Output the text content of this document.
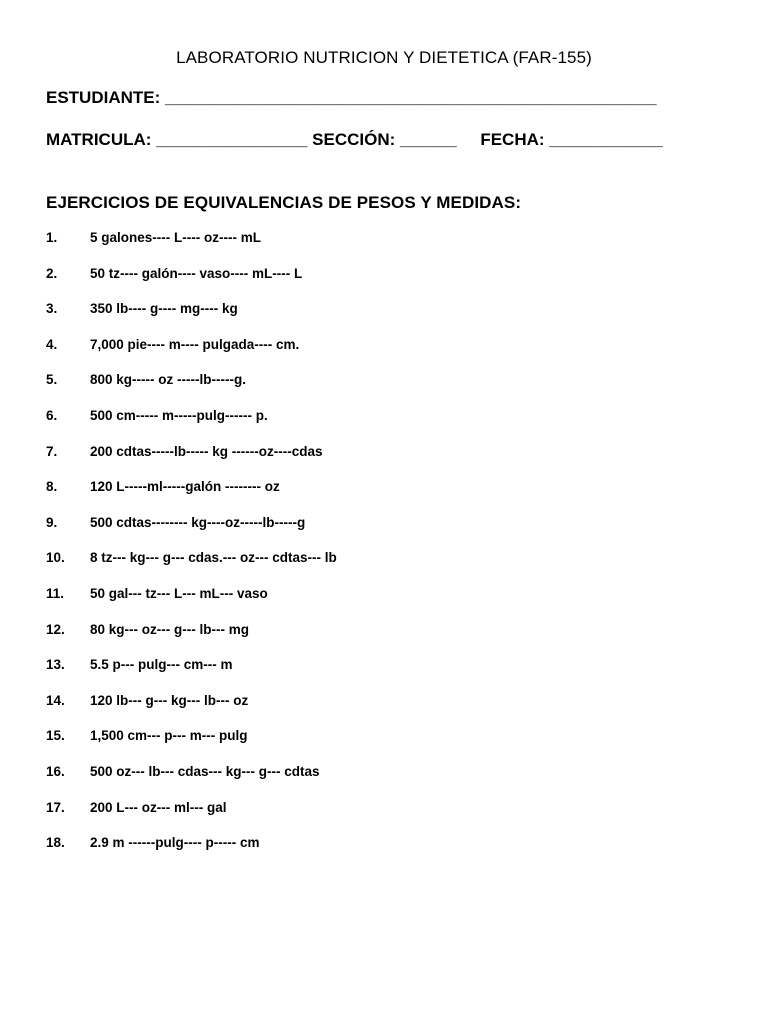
LABORATORIO NUTRICION Y DIETETICA (FAR-155)
ESTUDIANTE: ____________________________________________________
MATRICULA: ________________ SECCIÓN: ______     FECHA: ____________
EJERCICIOS DE EQUIVALENCIAS DE PESOS Y MEDIDAS:
1. 5 galones---- L---- oz---- mL
2. 50 tz---- galón---- vaso---- mL---- L
3. 350 lb---- g---- mg---- kg
4. 7,000 pie---- m---- pulgada---- cm.
5. 800 kg----- oz -----lb-----g.
6. 500 cm----- m-----pulg------ p.
7. 200 cdtas-----lb----- kg ------oz----cdas
8. 120 L-----ml-----galón -------- oz
9. 500 cdtas-------- kg----oz-----lb-----g
10. 8 tz--- kg--- g--- cdas.--- oz--- cdtas--- lb
11. 50 gal--- tz--- L--- mL--- vaso
12. 80 kg--- oz--- g--- lb--- mg
13. 5.5 p--- pulg--- cm--- m
14. 120 lb--- g--- kg--- lb--- oz
15. 1,500 cm--- p--- m--- pulg
16. 500 oz--- lb--- cdas--- kg--- g--- cdtas
17. 200 L--- oz--- ml--- gal
18. 2.9 m ------pulg---- p----- cm
